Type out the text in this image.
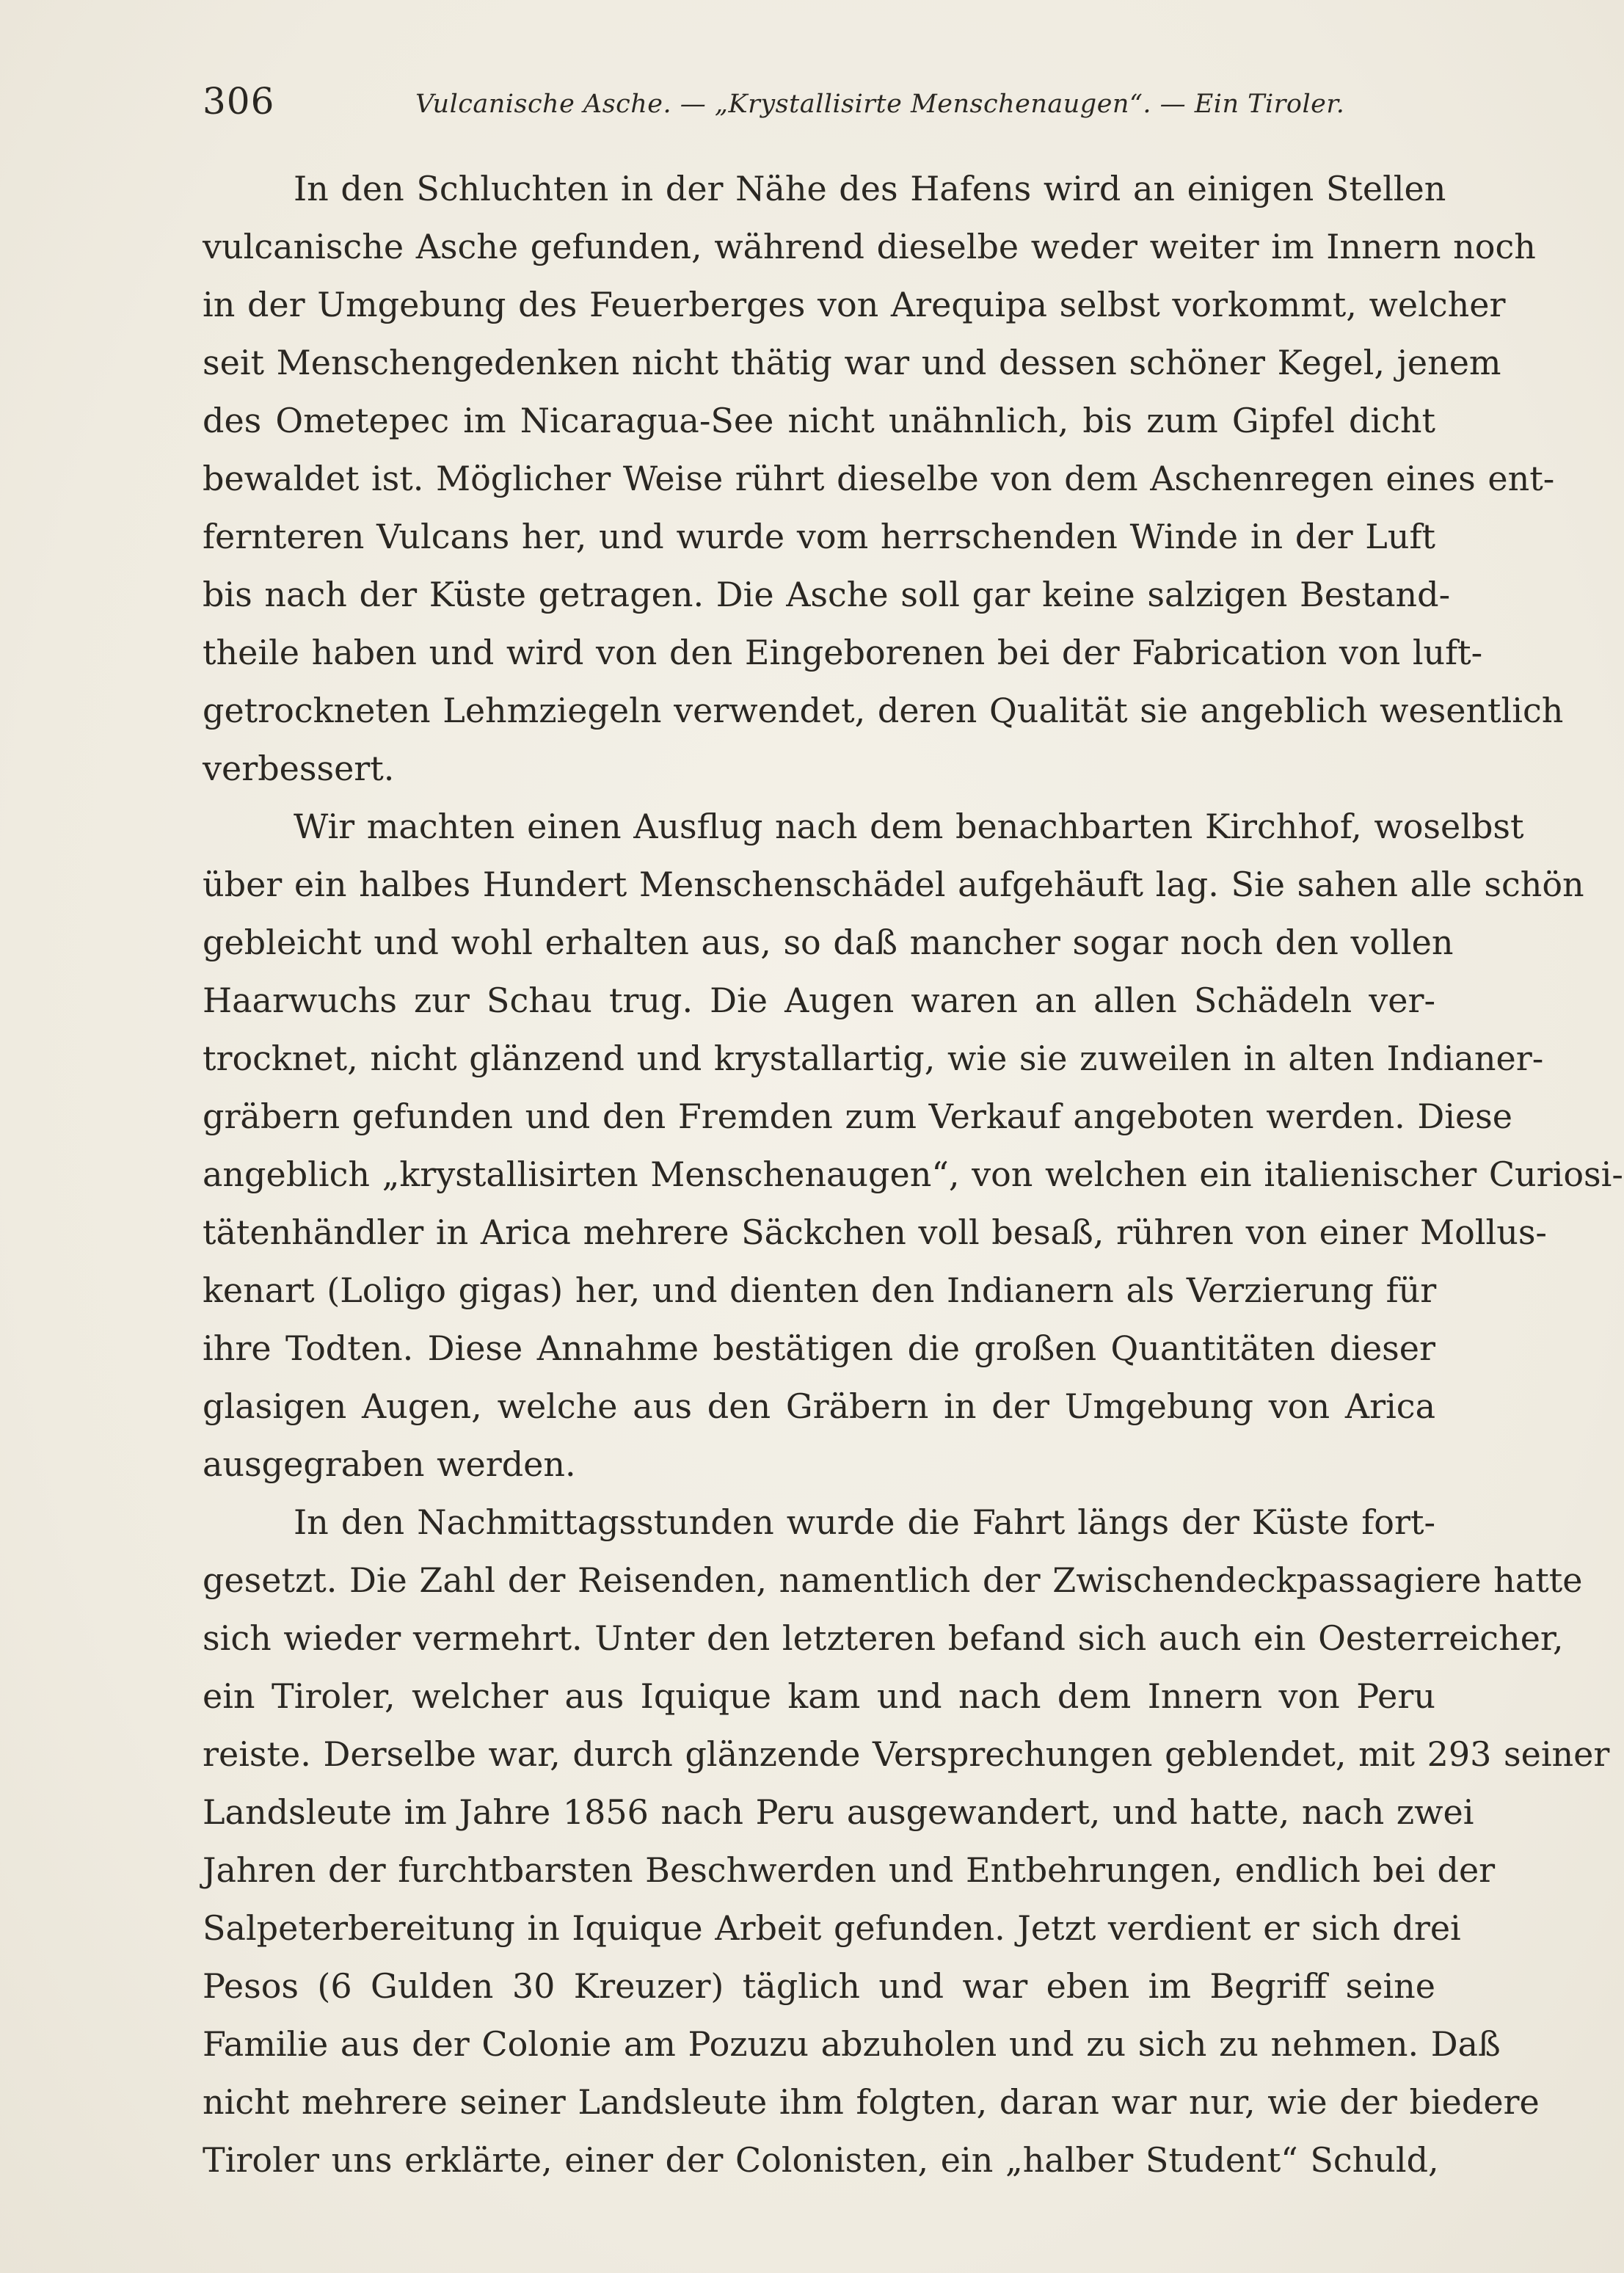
306	Vulcanische Asche. — „Krystallisirte Menschenaugen“. — Ein Tiroler.
In den Schluchten in der Nähe des Hafens wird an einigen Stellen
vulcanische Asche gefunden, während dieselbe weder weiter im Innern noch
in der Umgebung des Feuerberges von Arequipa selbst vorkommt, welcher
seit Menschengedenken nicht thätig war und dessen schöner Kegel, jenem
des Ometepec im Nicaragua-See nicht unähnlich, bis zum Gipfel dicht
bewaldet ist. Möglicher Weise rührt dieselbe von dem Aschenregen eines ent-
fernteren Vulcans her, und wurde vom herrschenden Winde in der Luft
bis nach der Küste getragen. Die Asche soll gar keine salzigen Bestand-
theile haben und wird von den Eingeborenen bei der Fabrication von luft-
getrockneten Lehmziegeln verwendet, deren Qualität sie angeblich wesentlich
verbessert.
Wir machten einen Ausflug nach dem benachbarten Kirchhof, woselbst
über ein halbes Hundert Menschenschädel aufgehäuft lag. Sie sahen alle schön
gebleicht und wohl erhalten aus, so daß mancher sogar noch den vollen
Haarwuchs zur Schau trug. Die Augen waren an allen Schädeln ver-
trocknet, nicht glänzend und krystallartig, wie sie zuweilen in alten Indianer-
gräbern gefunden und den Fremden zum Verkauf angeboten werden. Diese
angeblich „krystallisirten Menschenaugen“, von welchen ein italienischer Curiosi-
tätenhändler in Arica mehrere Säckchen voll besaß, rühren von einer Mollus-
kenart (Loligo gigas) her, und dienten den Indianern als Verzierung für
ihre Todten. Diese Annahme bestätigen die großen Quantitäten dieser
glasigen Augen, welche aus den Gräbern in der Umgebung von Arica
ausgegraben werden.
In den Nachmittagsstunden wurde die Fahrt längs der Küste fort-
gesetzt. Die Zahl der Reisenden, namentlich der Zwischendeckpassagiere hatte
sich wieder vermehrt. Unter den letzteren befand sich auch ein Oesterreicher,
ein Tiroler, welcher aus Iquique kam und nach dem Innern von Peru
reiste. Derselbe war, durch glänzende Versprechungen geblendet, mit 293 seiner
Landsleute im Jahre 1856 nach Peru ausgewandert, und hatte, nach zwei
Jahren der furchtbarsten Beschwerden und Entbehrungen, endlich bei der
Salpeterbereitung in Iquique Arbeit gefunden. Jetzt verdient er sich drei
Pesos (6 Gulden 30 Kreuzer) täglich und war eben im Begriff seine
Familie aus der Colonie am Pozuzu abzuholen und zu sich zu nehmen. Daß
nicht mehrere seiner Landsleute ihm folgten, daran war nur, wie der biedere
Tiroler uns erklärte, einer der Colonisten, ein „halber Student“ Schuld,
